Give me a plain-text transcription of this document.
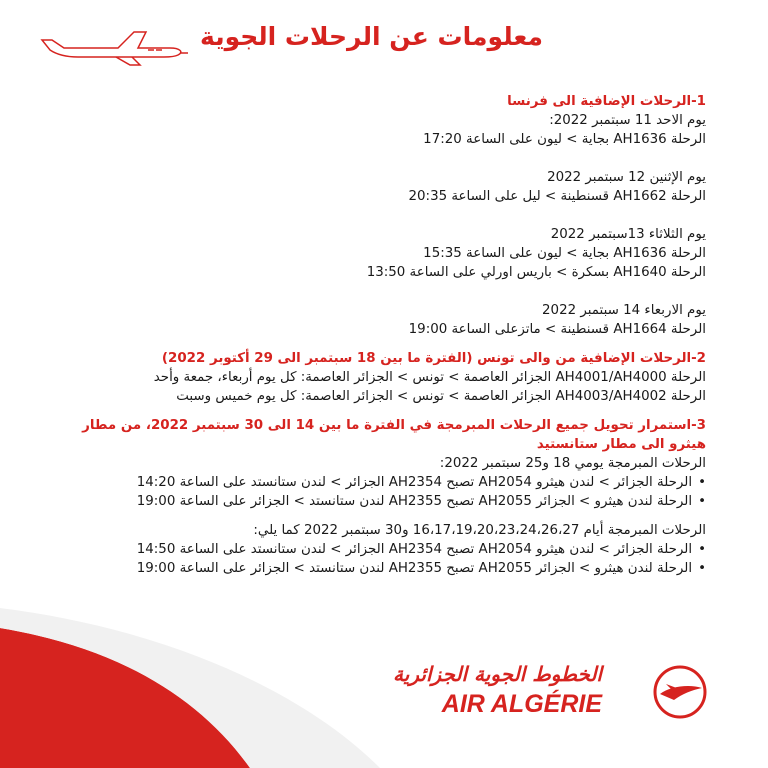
معلومات عن الرحلات الجوية
1-الرحلات الإضافية الى فرنسا
يوم الاحد 11 سبتمبر 2022:
الرحلة AH1636 بجاية > ليون على الساعة 17:20
يوم الإثنين 12 سبتمبر 2022
الرحلة AH1662 قسنطينة > ليل على الساعة 20:35
يوم الثلاثاء 13سبتمبر 2022
الرحلة AH1636 بجاية > ليون على الساعة 15:35
الرحلة AH1640 بسكرة > باريس اورلي على الساعة 13:50
يوم الاربعاء 14 سبتمبر 2022
الرحلة AH1664 قسنطينة > ماتزعلى الساعة 19:00
2-الرحلات الإضافية من والى تونس (الفترة ما بين 18 سبتمبر الى 29 أكتوبر 2022)
الرحلة AH4001/AH4000 الجزائر العاصمة > تونس > الجزائر العاصمة: كل يوم أربعاء، جمعة وأحد
الرحلة AH4003/AH4002 الجزائر العاصمة > تونس > الجزائر العاصمة: كل يوم خميس وسبت
3-استمرار تحويل جميع الرحلات المبرمجة في الفترة ما بين 14 الى 30 سبتمبر 2022، من مطار هيثرو الى مطار ستانستيد
الرحلات المبرمجة يومي 18 و25 سبتمبر 2022:
• الرحلة الجزائر > لندن هيثرو AH2054 تصبح AH2354 الجزائر > لندن ستانستد على الساعة 14:20
• الرحلة لندن هيثرو > الجزائر AH2055 تصبح AH2355 لندن ستانستد > الجزائر على الساعة 19:00
الرحلات المبرمجة أيام 16،17،19،20،23،24،26،27 و30 سبتمبر 2022 كما يلي:
• الرحلة الجزائر > لندن هيثرو AH2054 تصبح AH2354 الجزائر > لندن ستانستد على الساعة 14:50
• الرحلة لندن هيثرو > الجزائر AH2055 تصبح AH2355 لندن ستانستد > الجزائر على الساعة 19:00
الخطوط الجوية الجزائرية
AIR ALGÉRIE
